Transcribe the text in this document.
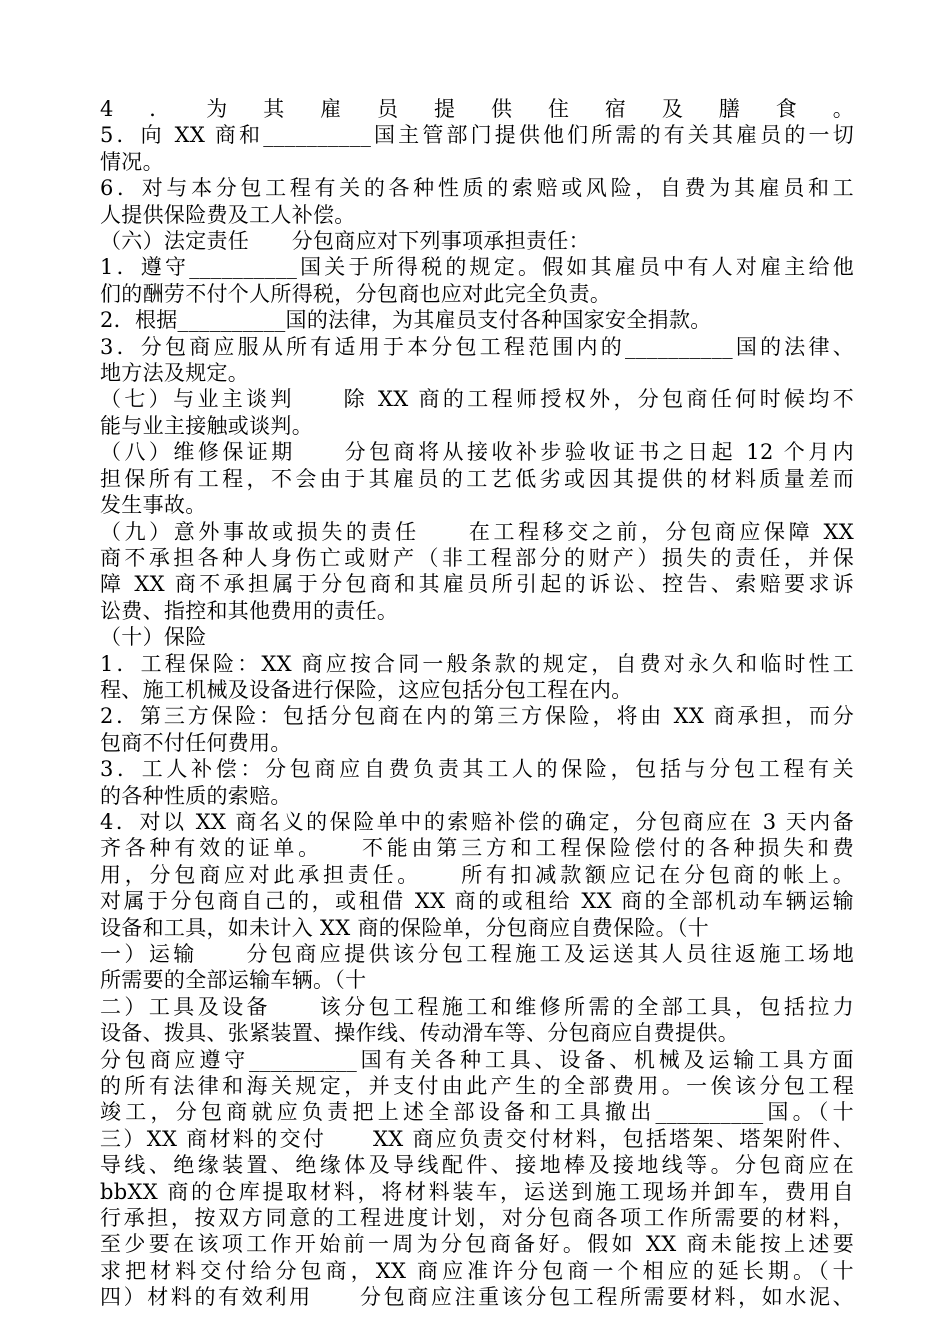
4．为其雇员提供住宿及膳食。
5．向 XX 商和__________国主管部门提供他们所需的有关其雇员的一切
情况。
6．对与本分包工程有关的各种性质的索赔或风险，自费为其雇员和工
人提供保险费及工人补偿。
（六）法定责任　　分包商应对下列事项承担责任：
1．遵守__________国关于所得税的规定。假如其雇员中有人对雇主给他
们的酬劳不付个人所得税，分包商也应对此完全负责。
2．根据__________国的法律，为其雇员支付各种国家安全捐款。
3．分包商应服从所有适用于本分包工程范围内的__________国的法律、
地方法及规定。
（七）与业主谈判　　除 XX 商的工程师授权外，分包商任何时候均不
能与业主接触或谈判。
（八）维修保证期　　分包商将从接收补步验收证书之日起 12 个月内
担保所有工程，不会由于其雇员的工艺低劣或因其提供的材料质量差而
发生事故。
（九）意外事故或损失的责任　　在工程移交之前，分包商应保障 XX
商不承担各种人身伤亡或财产（非工程部分的财产）损失的责任，并保
障 XX 商不承担属于分包商和其雇员所引起的诉讼、控告、索赔要求诉
讼费、指控和其他费用的责任。
（十）保险
1．工程保险：XX 商应按合同一般条款的规定，自费对永久和临时性工
程、施工机械及设备进行保险，这应包括分包工程在内。
2．第三方保险：包括分包商在内的第三方保险，将由 XX 商承担，而分
包商不付任何费用。
3．工人补偿：分包商应自费负责其工人的保险，包括与分包工程有关
的各种性质的索赔。
4．对以 XX 商名义的保险单中的索赔补偿的确定，分包商应在 3 天内备
齐各种有效的证单。　　不能由第三方和工程保险偿付的各种损失和费
用，分包商应对此承担责任。　　所有扣减款额应记在分包商的帐上。
对属于分包商自己的，或租借 XX 商的或租给 XX 商的全部机动车辆运输
设备和工具，如未计入 XX 商的保险单，分包商应自费保险。（十
一）运输　　分包商应提供该分包工程施工及运送其人员往返施工场地
所需要的全部运输车辆。（十
二）工具及设备　　该分包工程施工和维修所需的全部工具，包括拉力
设备、拨具、张紧装置、操作线、传动滑车等、分包商应自费提供。
分包商应遵守__________国有关各种工具、设备、机械及运输工具方面
的所有法律和海关规定，并支付由此产生的全部费用。一俟该分包工程
竣工，分包商就应负责把上述全部设备和工具撤出__________国。（十
三）XX 商材料的交付　　XX 商应负责交付材料，包括塔架、塔架附件、
导线、绝缘装置、绝缘体及导线配件、接地棒及接地线等。分包商应在
bbXX 商的仓库提取材料，将材料装车，运送到施工现场并卸车，费用自
行承担，按双方同意的工程进度计划，对分包商各项工作所需要的材料，
至少要在该项工作开始前一周为分包商备好。假如 XX 商未能按上述要
求把材料交付给分包商，XX 商应准许分包商一个相应的延长期。（十
四）材料的有效利用　　分包商应注重该分包工程所需要材料，如水泥、
